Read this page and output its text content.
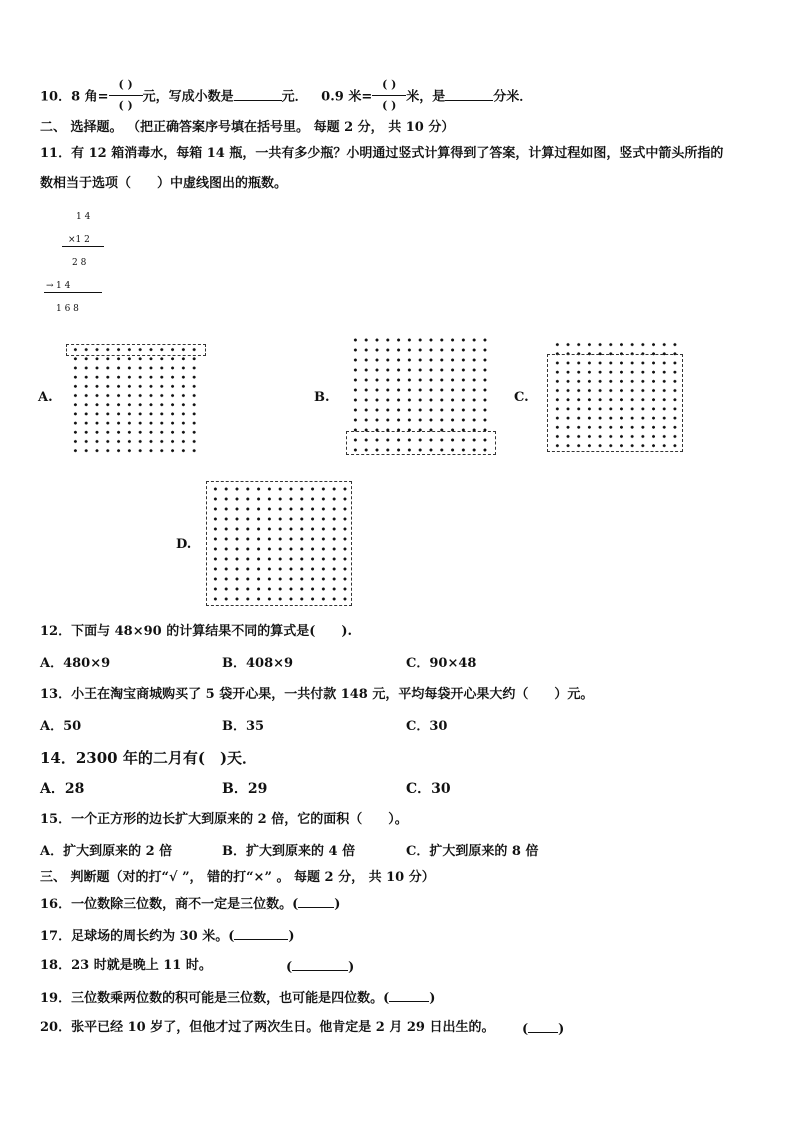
10．8 角= $\frac{( )}{( )}$ 元，写成小数是	元． 0.9 米= $\frac{( )}{( )}$ 米，是	分米．
二、 选择题。 （把正确答案序号填在括号里。 每题 2 分， 共 10 分）
11．有 12 箱消毒水，每箱 14 瓶，一共有多少瓶？小明通过竖式计算得到了答案，计算过程如图，竖式中箭头所指的
数相当于选项（　　）中虚线图出的瓶数。
1 4
×1 2
2 8
→ 1 4
1 6 8
A.	B.	C.
D.
12．下面与 48×90 的计算结果不同的算式是(　　).
A．480×9	B．408×9	C．90×48
13．小王在淘宝商城购买了 5 袋开心果，一共付款 148 元，平均每袋开心果大约（　　）元。
A．50	B．35	C．30
14．2300 年的二月有(　)天．
A．28	B．29	C．30
15．一个正方形的边长扩大到原来的 2 倍，它的面积（　　）。
A．扩大到原来的 2 倍	B．扩大到原来的 4 倍	C．扩大到原来的 8 倍
三、 判断题（对的打“√ ”， 错的打“×” 。 每题 2 分， 共 10 分）
16．一位数除三位数，商不一定是三位数。(	)
17．足球场的周长约为 30 米。(	)
18．23 时就是晚上 11 时。	(	)
19．三位数乘两位数的积可能是三位数，也可能是四位数。(	)
20．张平已经 10 岁了，但他才过了两次生日。他肯定是 2 月 29 日出生的。 ( )
